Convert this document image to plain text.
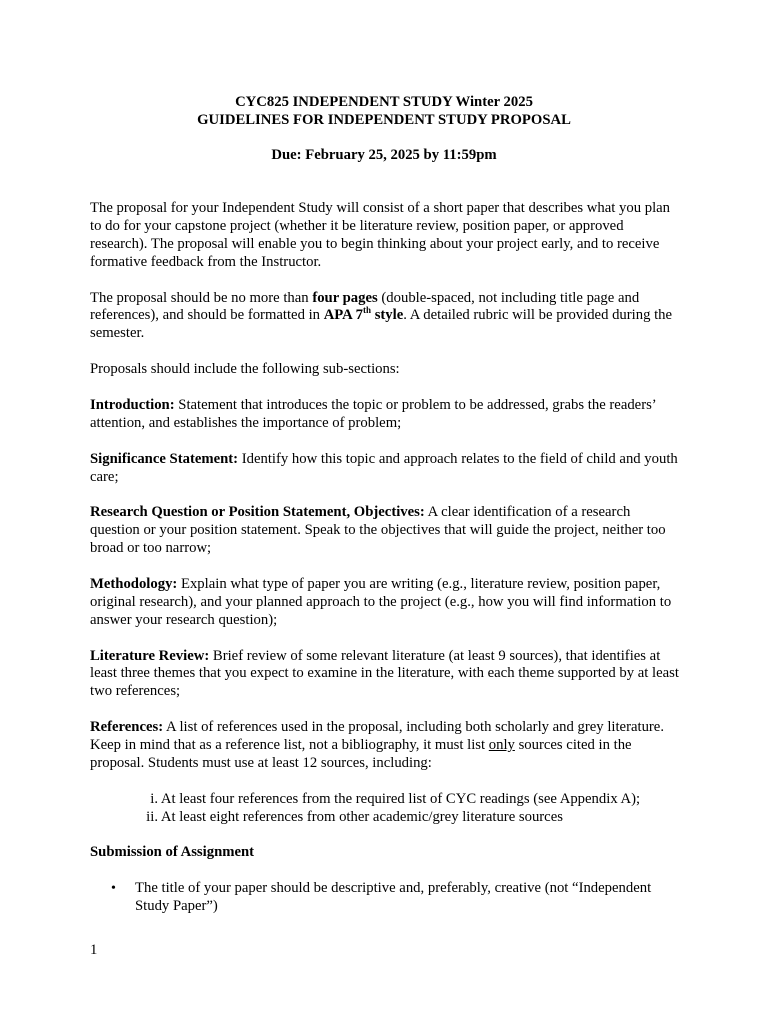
CYC825 INDEPENDENT STUDY Winter 2025
GUIDELINES FOR INDEPENDENT STUDY PROPOSAL
Due: February 25, 2025 by 11:59pm

The proposal for your Independent Study will consist of a short paper that describes what you plan to do for your capstone project (whether it be literature review, position paper, or approved research). The proposal will enable you to begin thinking about your project early, and to receive formative feedback from the Instructor.

The proposal should be no more than four pages (double-spaced, not including title page and references), and should be formatted in APA 7th style. A detailed rubric will be provided during the semester.

Proposals should include the following sub-sections:

Introduction: Statement that introduces the topic or problem to be addressed, grabs the readers’ attention, and establishes the importance of problem;

Significance Statement: Identify how this topic and approach relates to the field of child and youth care;

Research Question or Position Statement, Objectives: A clear identification of a research question or your position statement. Speak to the objectives that will guide the project, neither too broad or too narrow;

Methodology: Explain what type of paper you are writing (e.g., literature review, position paper, original research), and your planned approach to the project (e.g., how you will find information to answer your research question);

Literature Review: Brief review of some relevant literature (at least 9 sources), that identifies at least three themes that you expect to examine in the literature, with each theme supported by at least two references;

References: A list of references used in the proposal, including both scholarly and grey literature. Keep in mind that as a reference list, not a bibliography, it must list only sources cited in the proposal. Students must use at least 12 sources, including:

i. At least four references from the required list of CYC readings (see Appendix A);
ii. At least eight references from other academic/grey literature sources

Submission of Assignment

• The title of your paper should be descriptive and, preferably, creative (not “Independent Study Paper”)

1
